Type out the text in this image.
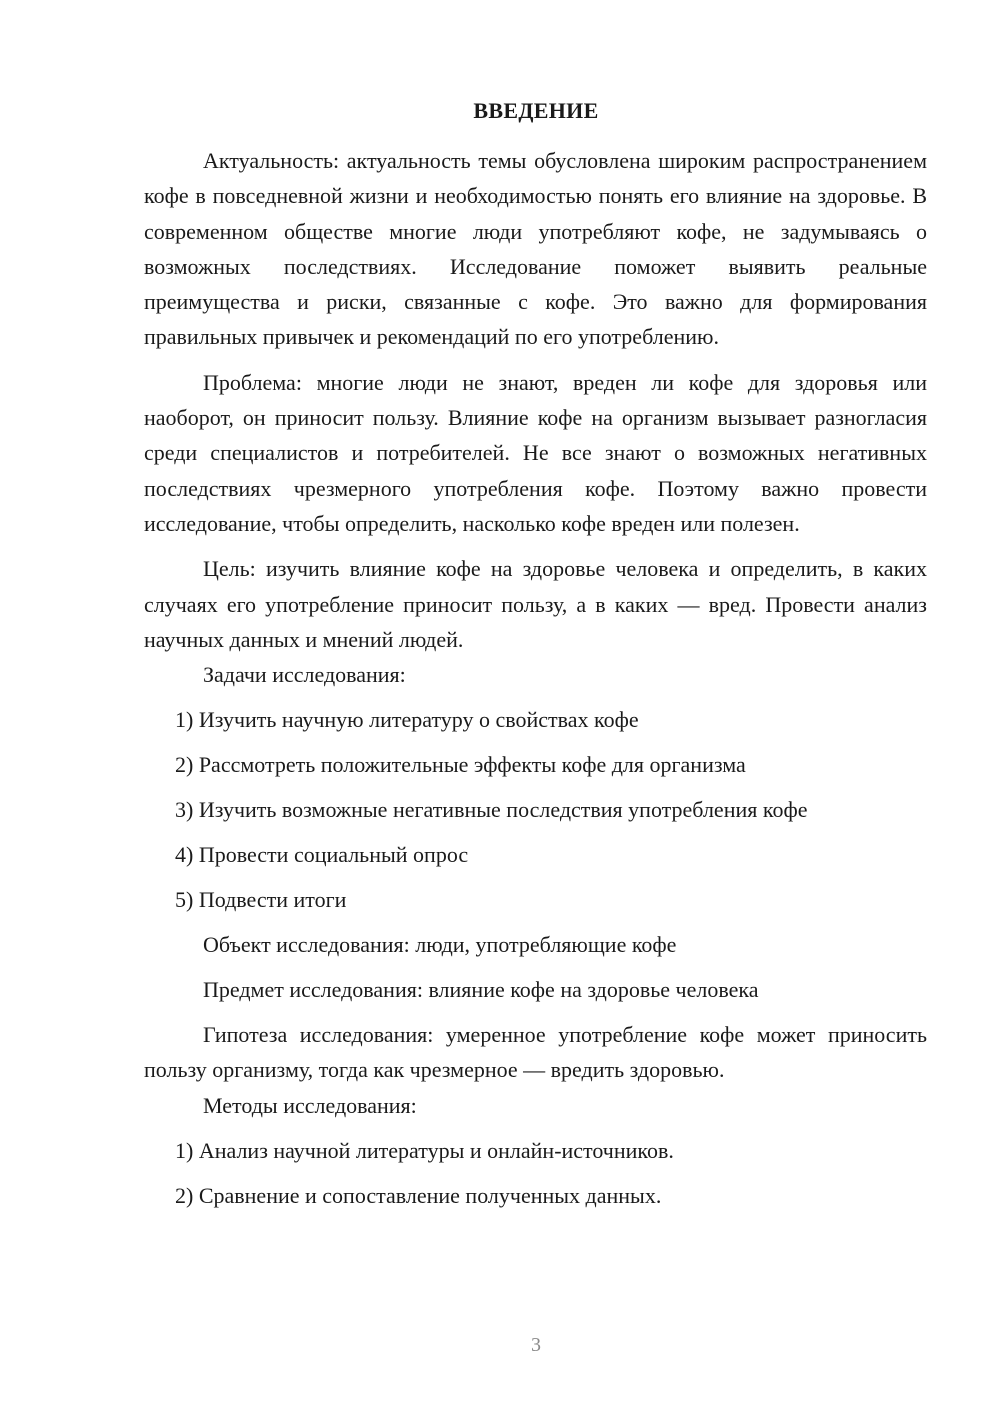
ВВЕДЕНИЕ

Актуальность: актуальность темы обусловлена широким распространением кофе в повседневной жизни и необходимостью понять его влияние на здоровье. В современном обществе многие люди употребляют кофе, не задумываясь о возможных последствиях. Исследование поможет выявить реальные преимущества и риски, связанные с кофе. Это важно для формирования правильных привычек и рекомендаций по его употреблению.

Проблема: многие люди не знают, вреден ли кофе для здоровья или наоборот, он приносит пользу. Влияние кофе на организм вызывает разногласия среди специалистов и потребителей. Не все знают о возможных негативных последствиях чрезмерного употребления кофе. Поэтому важно провести исследование, чтобы определить, насколько кофе вреден или полезен.

Цель: изучить влияние кофе на здоровье человека и определить, в каких случаях его употребление приносит пользу, а в каких — вред. Провести анализ научных данных и мнений людей.

Задачи исследования:

1) Изучить научную литературу о свойствах кофе

2) Рассмотреть положительные эффекты кофе для организма

3) Изучить возможные негативные последствия употребления кофе

4) Провести социальный опрос

5) Подвести итоги

Объект исследования: люди, употребляющие кофе

Предмет исследования: влияние кофе на здоровье человека

Гипотеза исследования: умеренное употребление кофе может приносить пользу организму, тогда как чрезмерное — вредить здоровью.

Методы исследования:

1) Анализ научной литературы и онлайн-источников.

2) Сравнение и сопоставление полученных данных.

3
